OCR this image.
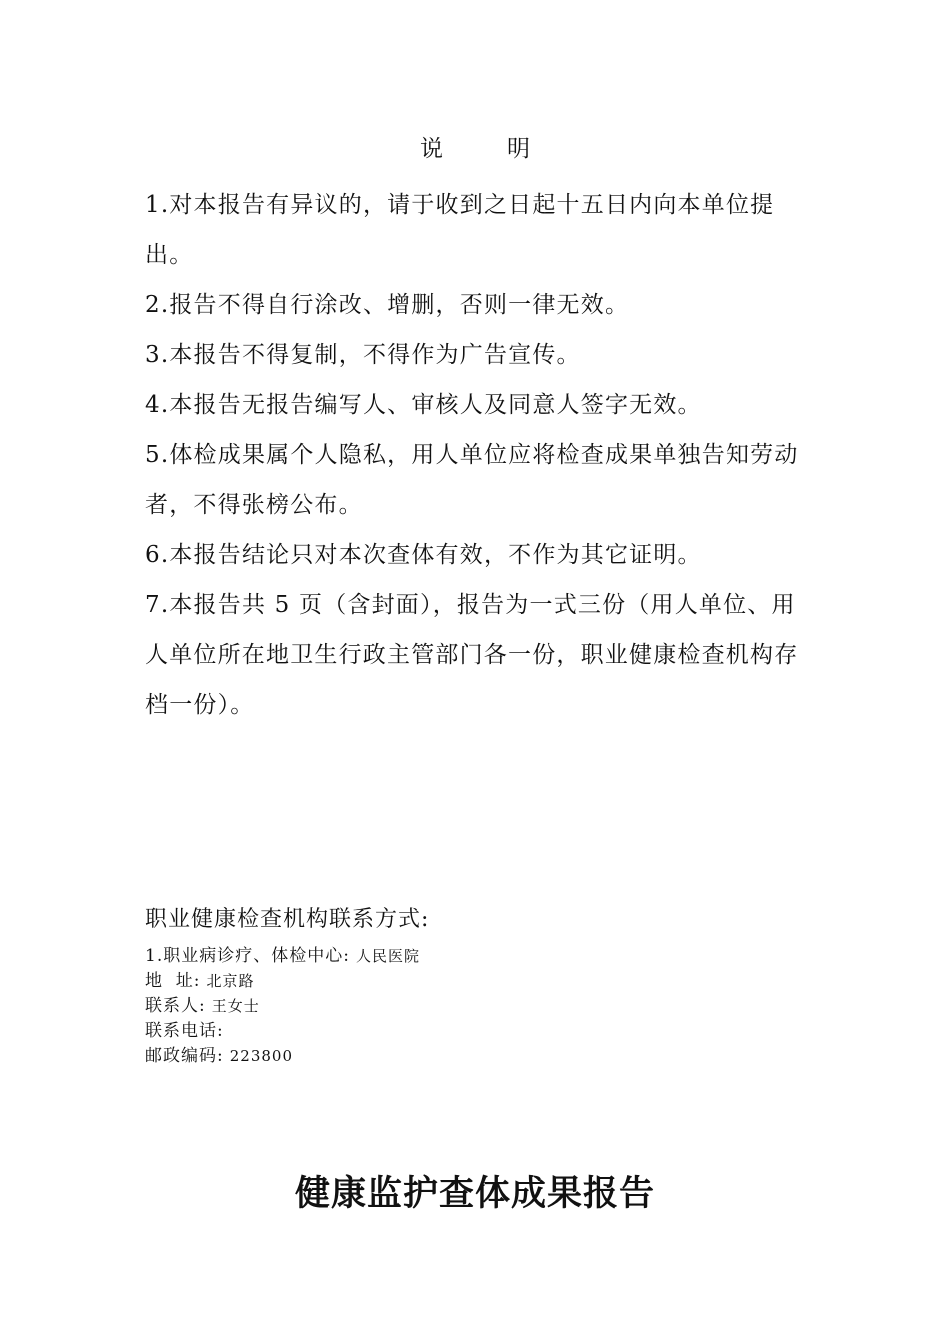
说	明

1.对本报告有异议的，请于收到之日起十五日内向本单位提出。

2.报告不得自行涂改、增删，否则一律无效。

3.本报告不得复制，不得作为广告宣传。

4.本报告无报告编写人、审核人及同意人签字无效。

5.体检成果属个人隐私，用人单位应将检查成果单独告知劳动者，不得张榜公布。

6.本报告结论只对本次查体有效，不作为其它证明。

7.本报告共 5 页（含封面），报告为一式三份（用人单位、用人单位所在地卫生行政主管部门各一份，职业健康检查机构存档一份）。

职业健康检查机构联系方式:

1.职业病诊疗、体检中心: 人民医院

地  址: 北京路

联系人: 王女士

联系电话:

邮政编码: 223800

健康监护查体成果报告
